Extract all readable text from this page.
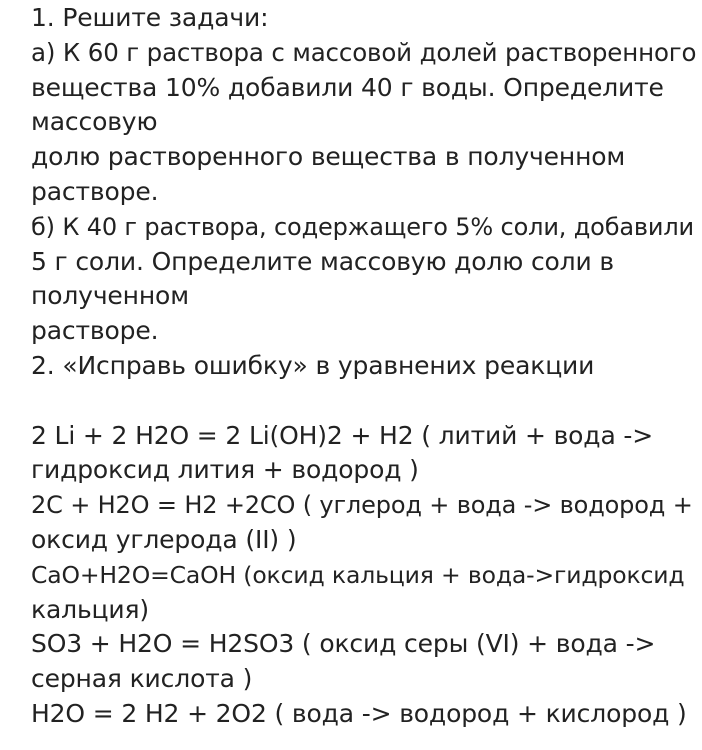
1. Решите задачи:
а) К 60 г раствора с массовой долей растворенного
вещества 10% добавили 40 г воды. Определите
массовую
долю растворенного вещества в полученном
растворе.
б) К 40 г раствора, содержащего 5% соли, добавили
5 г соли. Определите массовую долю соли в
полученном
растворе.
2. «Исправь ошибку» в уравнених реакции
2 Li + 2 H2O = 2 Li(OH)2 + H2 ( литий + вода ->
гидроксид лития + водород )
2C + H2O = H2 +2CO ( углерод + вода -> водород +
оксид углерода (II) )
CaO+H2O=CaOH (оксид кальция + вода->гидроксид
кальция)
SO3 + H2O = H2SO3 ( оксид серы (VI) + вода ->
серная кислота )
H2O = 2 H2 + 2O2 ( вода -> водород + кислород )
